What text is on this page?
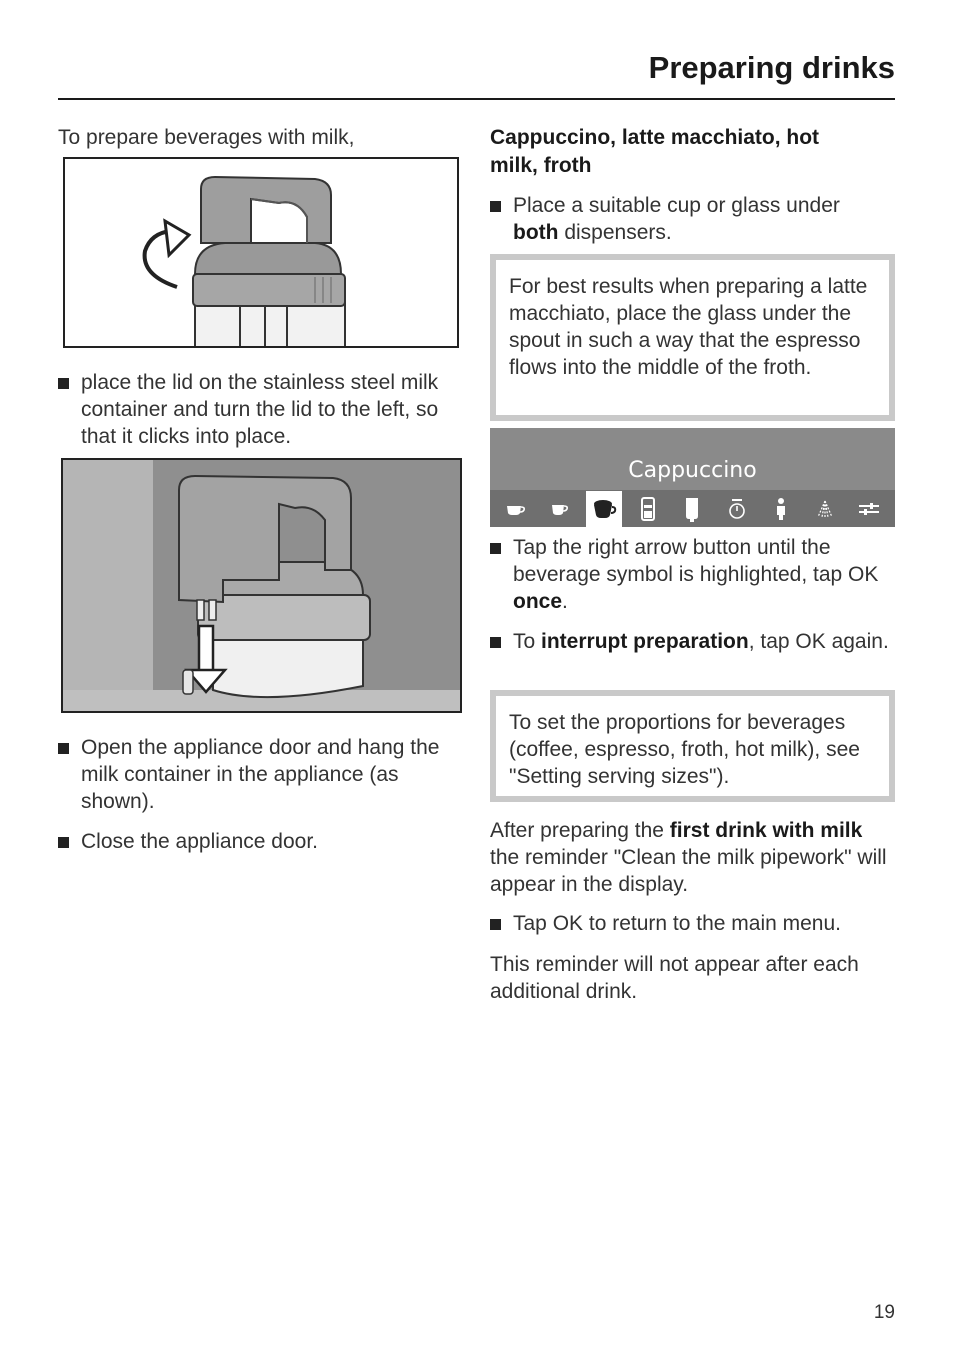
Preparing drinks
To prepare beverages with milk,
place the lid on the stainless steel milk container and turn the lid to the left, so that it clicks into place.
Open the appliance door and hang the milk container in the appliance (as shown).
Close the appliance door.
Cappuccino, latte macchiato, hot
milk, froth
Place a suitable cup or glass under
both dispensers.
For best results when preparing a latte macchiato, place the glass under the spout in such a way that the espresso flows into the middle of the froth.
Cappuccino
Tap the right arrow button until the beverage symbol is highlighted, tap OK once.
To interrupt preparation, tap OK again.
To set the proportions for beverages (coffee, espresso, froth, hot milk), see "Setting serving sizes").
After preparing the first drink with milk the reminder "Clean the milk pipework" will appear in the display.
Tap OK to return to the main menu.
This reminder will not appear after each additional drink.
19
